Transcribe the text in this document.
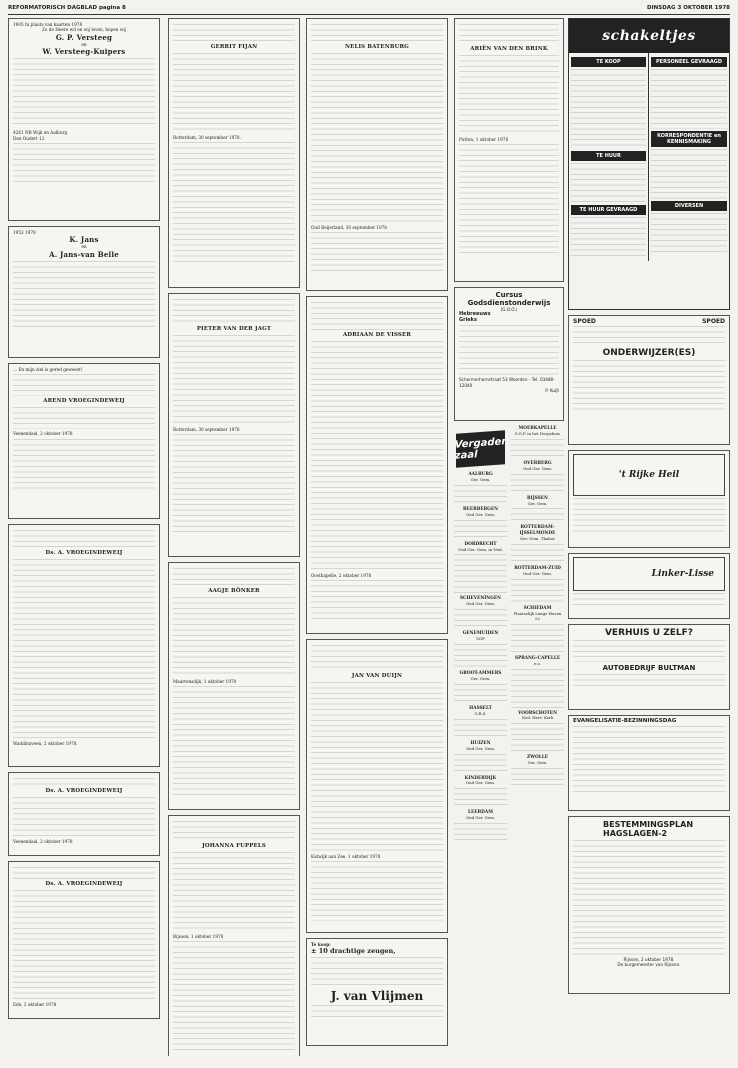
REFORMATORISCH DAGBLAD pagina 8	DINSDAG 3 OKTOBER 1978
1905 In plaats van kaarten 1978
Zo de Heere wil en wij leven, hopen wij
G. P. Versteeg
en
W. Versteeg-Kuipers
4261 NB Wijk en Aalburg
Den Oudert 12
1953 1978
K. Jans
en
A. Jans-van Belle
... En mijn ziel is gered geweest!
AREND VROEGINDEWEIJ
Veenendaal, 2 oktober 1978
Ds. A. VROEGINDEWEIJ
Waddinxveen, 2 oktober 1978.
Ds. A. VROEGINDEWEIJ
Veenendaal, 2 oktober 1978
Ds. A. VROEGINDEWEIJ
Ede, 2 oktober 1978
GERRIT FIJAN
Rotterdam, 30 september 1978.
PIETER VAN DER JAGT
Rotterdam, 30 september 1978
AAGJE BÖNKER
Maartensdijk, 1 oktober 1978
JOHANNA FUPPELS
Rijssen, 1 oktober 1978
NELIS BATENBURG
Oud Beijerland, 30 september 1978
ADRIAAN DE VISSER
Oostkapelle, 2 oktober 1978
JAN VAN DUIJN
Katwijk aan Zee, 1 oktober 1978
Te koop:
± 10 drachtige zeugen,
J. van Vlijmen
ARIËN VAN DEN BRINK
Putten, 1 oktober 1978
Cursus Godsdienstonderwijs
(G.O.O.)
Hebreeuws
Grieks
Schermerhornstraat 53 Woerden - Tel. 03480-12040
P. Kuijt
Vergader zaal
AALBURG
Ger. Gem.
BEERBERGEN
Oud Ger. Gem.
DORDRECHT
Oud Ger. Gem. in Ned.
SCHEVENINGEN
Oud Ger. Gem.
GENEMUIDEN
SGP
GROOT-AMMERS
Ger. Gem.
HASSELT
G.B.S.
HUIZEN
Oud Ger. Gem.
KINDERDIJK
Oud Ger. Gem.
LEERDAM
Oud Ger. Gem.
MOERKAPELLE
S.G.P. in het Dorpshuis
OVERBERG
Oud Ger. Gem.
RIJSSEN
Ger. Gem.
ROTTERDAM-IJSSELMONDE
Ger. Gem. Thabor
ROTTERDAM-ZUID
Oud Ger. Gem.
SCHIEDAM
Plaatselijk Lange Haven 52
SPRANG-CAPELLE
e.o.
VOORSCHOTEN
Ned. Herv. Kerk
ZWOLLE
Ger. Gem.
schakeltjes
TE KOOP
TE HUUR
TE HUUR GEVRAAGD
PERSONEEL GEVRAAGD
KORRESPONDENTIE en KENNISMAKING
DIVERSEN
SPOED	SPOED
ONDERWIJZER(ES)
't Rijke Heil
Linker-Lisse
VERHUIS U ZELF?
AUTOBEDRIJF BULTMAN
EVANGELISATIE-BEZINNINGSDAG
BESTEMMINGSPLAN HAGSLAGEN-2
Rijssen, 2 oktober 1978.
De burgemeester van Rijssen.
